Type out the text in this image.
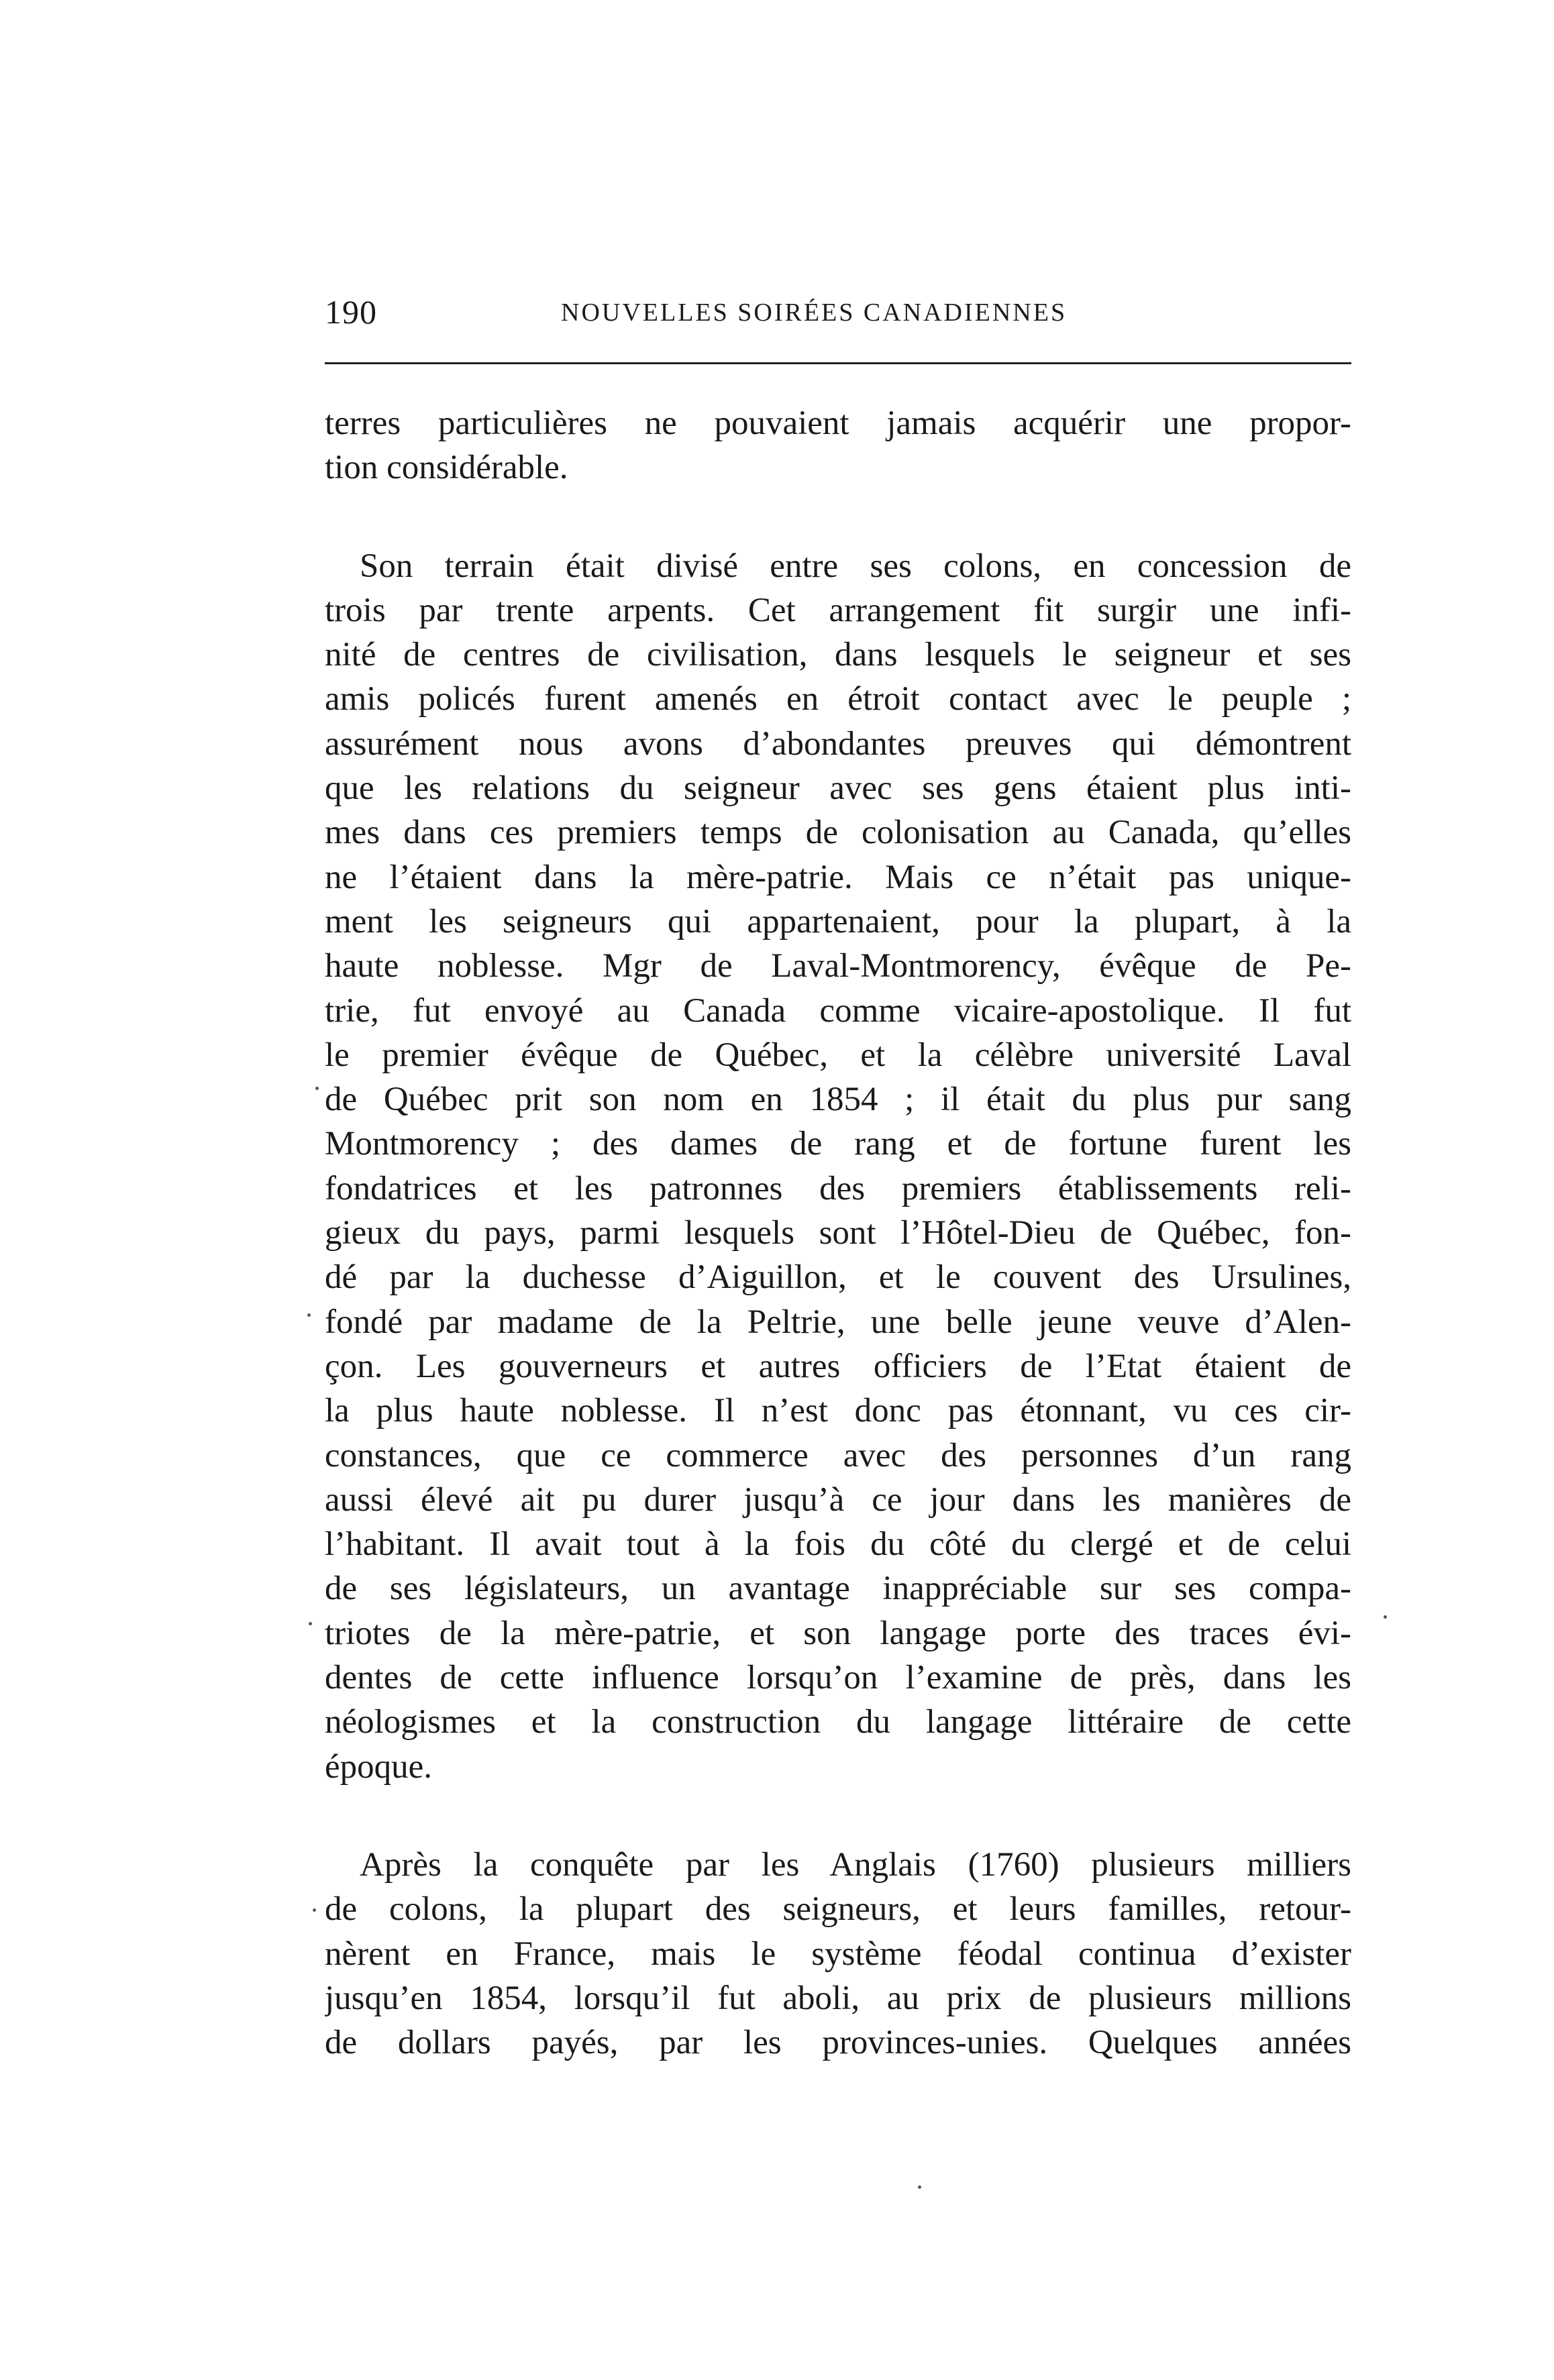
190	NOUVELLES SOIRÉES CANADIENNES

terres particulières ne pouvaient jamais acquérir une propor-
tion considérable.

Son terrain était divisé entre ses colons, en concession de
trois par trente arpents. Cet arrangement fit surgir une infi-
nité de centres de civilisation, dans lesquels le seigneur et ses
amis policés furent amenés en étroit contact avec le peuple ;
assurément nous avons d’abondantes preuves qui démontrent
que les relations du seigneur avec ses gens étaient plus inti-
mes dans ces premiers temps de colonisation au Canada, qu’elles
ne l’étaient dans la mère-patrie. Mais ce n’était pas unique-
ment les seigneurs qui appartenaient, pour la plupart, à la
haute noblesse. Mgr de Laval-Montmorency, évêque de Pe-
trie, fut envoyé au Canada comme vicaire-apostolique. Il fut
le premier évêque de Québec, et la célèbre université Laval
de Québec prit son nom en 1854 ; il était du plus pur sang
Montmorency ; des dames de rang et de fortune furent les
fondatrices et les patronnes des premiers établissements reli-
gieux du pays, parmi lesquels sont l’Hôtel-Dieu de Québec, fon-
dé par la duchesse d’Aiguillon, et le couvent des Ursulines,
fondé par madame de la Peltrie, une belle jeune veuve d’Alen-
çon. Les gouverneurs et autres officiers de l’Etat étaient de
la plus haute noblesse. Il n’est donc pas étonnant, vu ces cir-
constances, que ce commerce avec des personnes d’un rang
aussi élevé ait pu durer jusqu’à ce jour dans les manières de
l’habitant. Il avait tout à la fois du côté du clergé et de celui
de ses législateurs, un avantage inappréciable sur ses compa-
triotes de la mère-patrie, et son langage porte des traces évi-
dentes de cette influence lorsqu’on l’examine de près, dans les
néologismes et la construction du langage littéraire de cette
époque.

Après la conquête par les Anglais (1760) plusieurs milliers
de colons, la plupart des seigneurs, et leurs familles, retour-
nèrent en France, mais le système féodal continua d’exister
jusqu’en 1854, lorsqu’il fut aboli, au prix de plusieurs millions
de dollars payés, par les provinces-unies. Quelques années
